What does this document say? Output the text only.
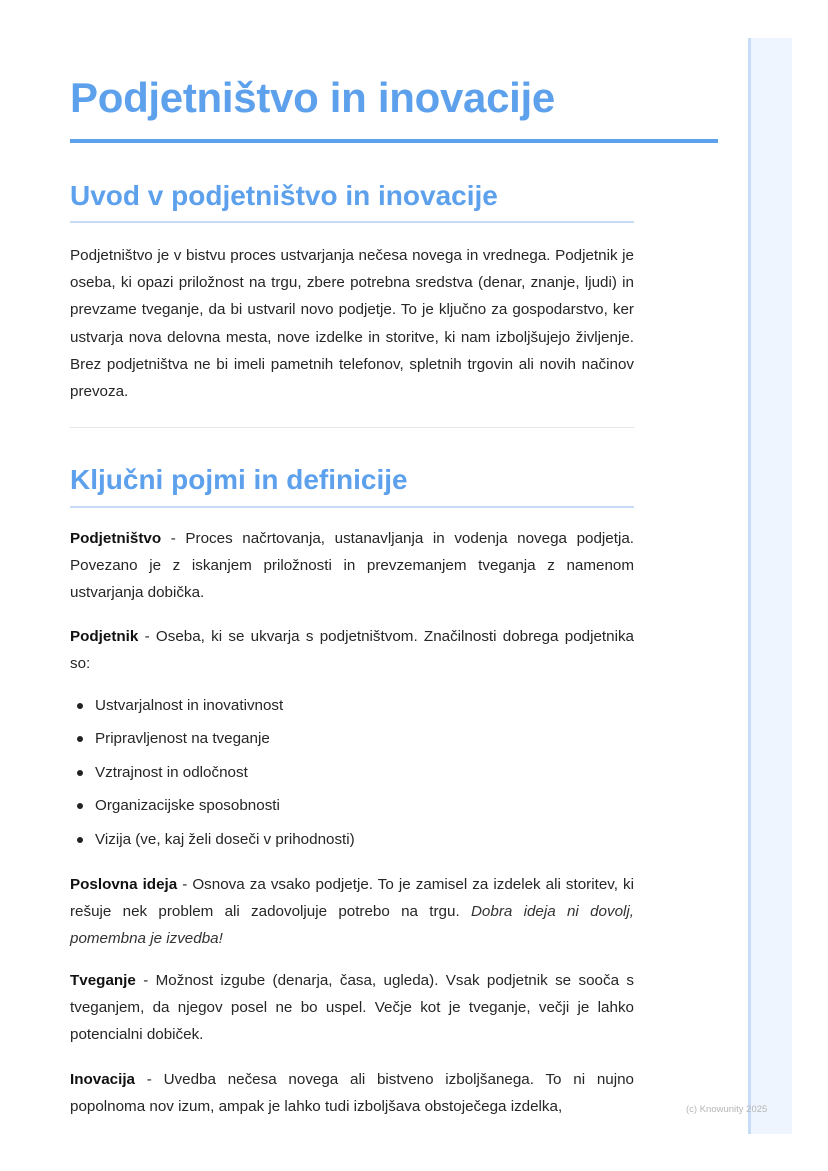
Podjetništvo in inovacije
Uvod v podjetništvo in inovacije

Podjetništvo je v bistvu proces ustvarjanja nečesa novega in vrednega. Podjetnik je oseba, ki opazi priložnost na trgu, zbere potrebna sredstva (denar, znanje, ljudi) in prevzame tveganje, da bi ustvaril novo podjetje. To je ključno za gospodarstvo, ker ustvarja nova delovna mesta, nove izdelke in storitve, ki nam izboljšujejo življenje. Brez podjetništva ne bi imeli pametnih telefonov, spletnih trgovin ali novih načinov prevoza.

Ključni pojmi in definicije

Podjetništvo - Proces načrtovanja, ustanavljanja in vodenja novega podjetja. Povezano je z iskanjem priložnosti in prevzemanjem tveganja z namenom ustvarjanja dobička.

Podjetnik - Oseba, ki se ukvarja s podjetništvom. Značilnosti dobrega podjetnika so:

Ustvarjalnost in inovativnost
Pripravljenost na tveganje
Vztrajnost in odločnost
Organizacijske sposobnosti
Vizija (ve, kaj želi doseči v prihodnosti)

Poslovna ideja - Osnova za vsako podjetje. To je zamisel za izdelek ali storitev, ki rešuje nek problem ali zadovoljuje potrebo na trgu. Dobra ideja ni dovolj, pomembna je izvedba!

Tveganje - Možnost izgube (denarja, časa, ugleda). Vsak podjetnik se sooča s tveganjem, da njegov posel ne bo uspel. Večje kot je tveganje, večji je lahko potencialni dobiček.

Inovacija - Uvedba nečesa novega ali bistveno izboljšanega. To ni nujno popolnoma nov izum, ampak je lahko tudi izboljšava obstoječega izdelka,	(c) Knowunity 2025
